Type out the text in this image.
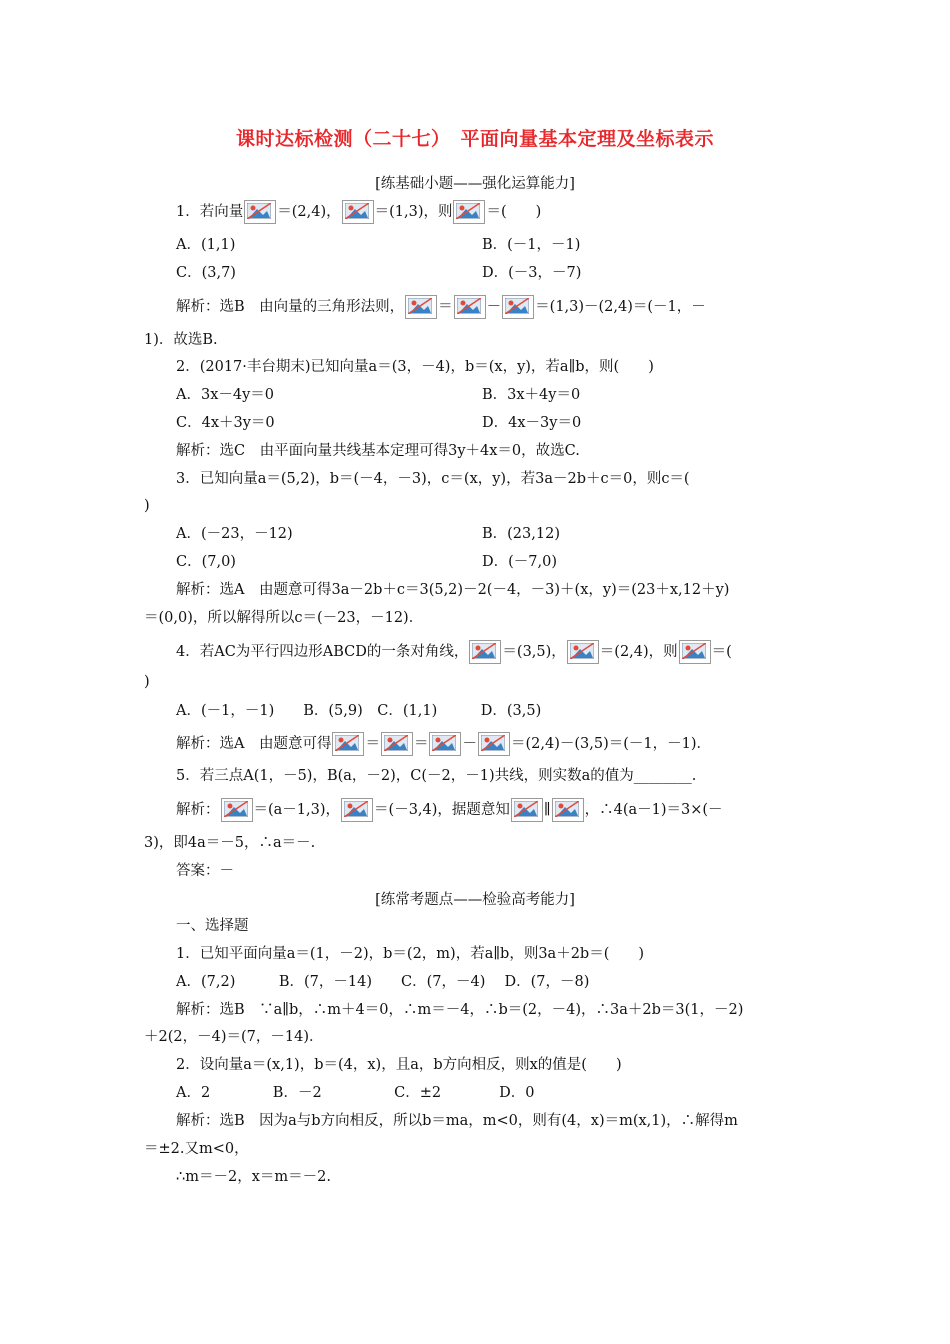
课时达标检测（二十七）　平面向量基本定理及坐标表示
[练基础小题——强化运算能力]
1．若向量 ＝(2,4)， ＝(1,3)，则 ＝(　　)
A．(1,1)	B．(－1，－1)
C．(3,7)	D．(－3，－7)
解析：选B　由向量的三角形法则， ＝ － ＝(1,3)－(2,4)＝(－1，－
1)．故选B.
2．(2017·丰台期末)已知向量a＝(3，－4)，b＝(x，y)，若a∥b，则(　　)
A．3x－4y＝0	B．3x＋4y＝0
C．4x＋3y＝0	D．4x－3y＝0
解析：选C　由平面向量共线基本定理可得3y＋4x＝0，故选C.
3．已知向量a＝(5,2)，b＝(－4，－3)，c＝(x，y)，若3a－2b＋c＝0，则c＝(
)
A．(－23，－12)	B．(23,12)
C．(7,0)	D．(－7,0)
解析：选A　由题意可得3a－2b＋c＝3(5,2)－2(－4，－3)＋(x，y)＝(23＋x,12＋y)
＝(0,0)，所以解得所以c＝(－23，－12)．
4．若AC为平行四边形ABCD的一条对角线， ＝(3,5)， ＝(2,4)，则 ＝(
)
A．(－1，－1)　　B．(5,9)　C．(1,1)　　　D．(3,5)
解析：选A　由题意可得 ＝ ＝ － ＝(2,4)－(3,5)＝(－1，－1)．
5．若三点A(1，－5)，B(a，－2)，C(－2，－1)共线，则实数a的值为________.
解析： ＝(a－1,3)， ＝(－3,4)，据题意知 ∥ ，∴4(a－1)＝3×(－
3)，即4a＝－5，∴a＝－.
答案：－
[练常考题点——检验高考能力]
一、选择题
1．已知平面向量a＝(1，－2)，b＝(2，m)，若a∥b，则3a＋2b＝(　　)
A．(7,2)　　　B．(7，－14)　　C．(7，－4)　 D．(7，－8)
解析：选B　∵a∥b，∴m＋4＝0，∴m＝－4，∴b＝(2，－4)，∴3a＋2b＝3(1，－2)
＋2(2，－4)＝(7，－14)．
2．设向量a＝(x,1)，b＝(4，x)，且a，b方向相反，则x的值是(　　)
A．2　　　　 B．－2　　　　　C．±2　　　　D．0
解析：选B　因为a与b方向相反，所以b＝ma，m<0，则有(4，x)＝m(x,1)，∴解得m
＝±2.又m<0，
∴m＝－2，x＝m＝－2.
